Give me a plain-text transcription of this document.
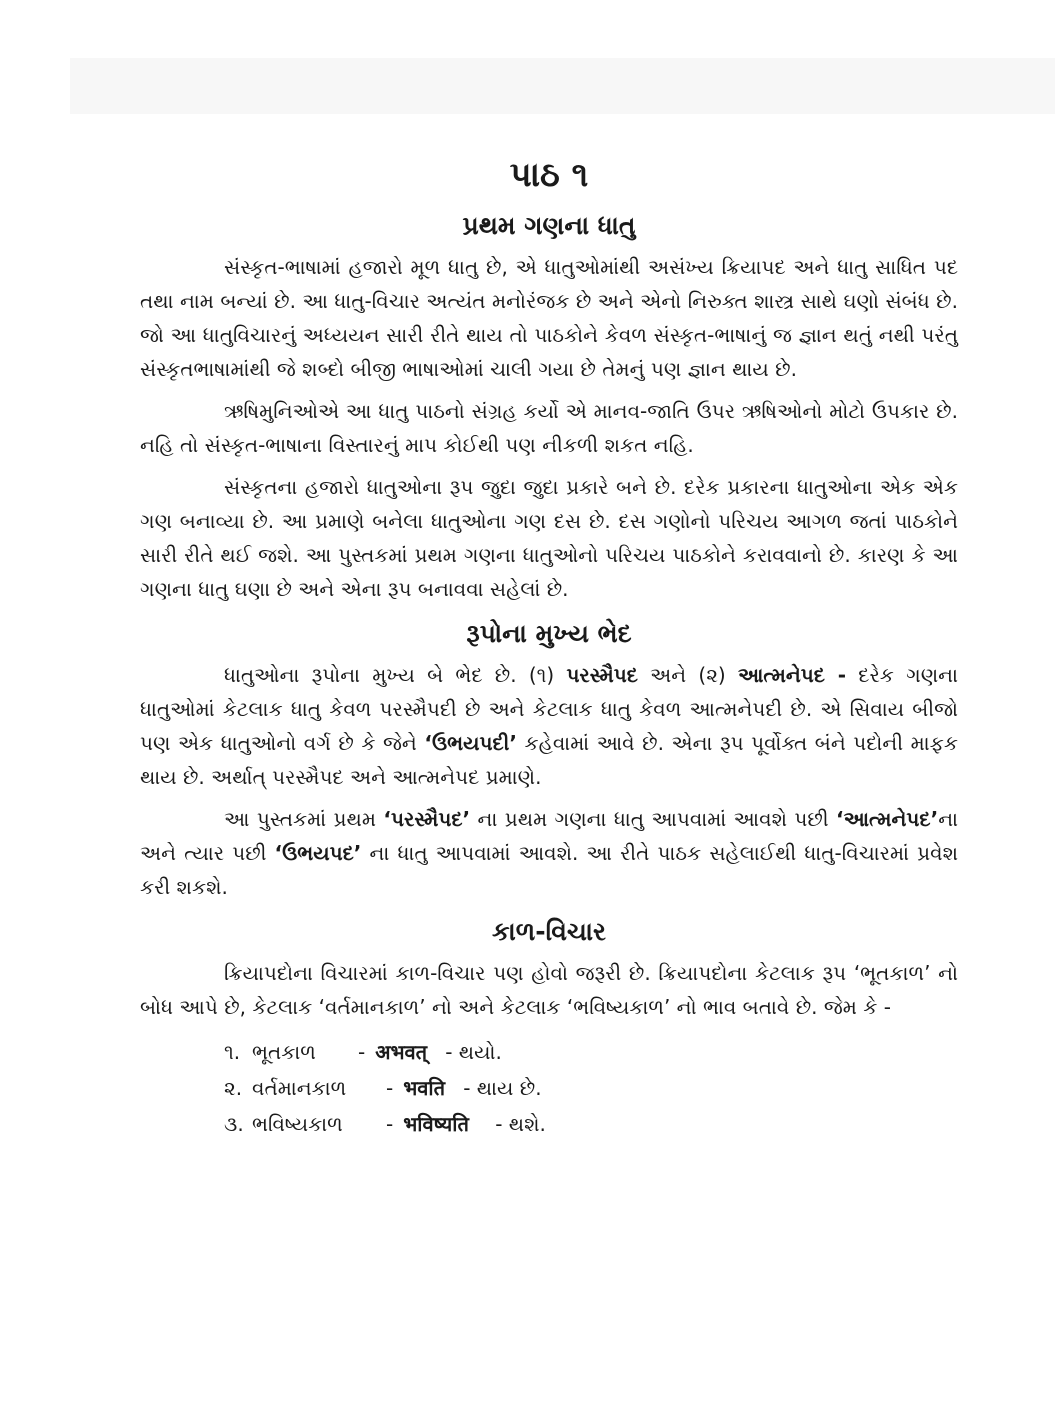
પાઠ ૧
પ્રથમ ગણના ધાતુ

સંસ્કૃત-ભાષામાં હજારો મૂળ ધાતુ છે, એ ધાતુઓમાંથી અસંખ્ય ક્રિયાપદ અને ધાતુ સાધિત પદ તથા નામ બન્યાં છે. આ ધાતુ-વિચાર અત્યંત મનોરંજક છે અને એનો નિરુક્ત શાસ્ત્ર સાથે ઘણો સંબંધ છે. જો આ ધાતુવિચારનું અધ્યયન સારી રીતે થાય તો પાઠકોને કેવળ સંસ્કૃત-ભાષાનું જ જ્ઞાન થતું નથી પરંતુ સંસ્કૃતભાષામાંથી જે શબ્દો બીજી ભાષાઓમાં ચાલી ગયા છે તેમનું પણ જ્ઞાન થાય છે.

ઋષિમુનિઓએ આ ધાતુ પાઠનો સંગ્રહ કર્યો એ માનવ-જાતિ ઉપર ઋષિઓનો મોટો ઉપકાર છે. નહિ તો સંસ્કૃત-ભાષાના વિસ્તારનું માપ કોઈથી પણ નીકળી શકત નહિ.

સંસ્કૃતના હજારો ધાતુઓના રૂપ જુદા જુદા પ્રકારે બને છે. દરેક પ્રકારના ધાતુઓના એક એક ગણ બનાવ્યા છે. આ પ્રમાણે બનેલા ધાતુઓના ગણ દસ છે. દસ ગણોનો પરિચય આગળ જતાં પાઠકોને સારી રીતે થઈ જશે. આ પુસ્તકમાં પ્રથમ ગણના ધાતુઓનો પરિચય પાઠકોને કરાવવાનો છે. કારણ કે આ ગણના ધાતુ ઘણા છે અને એના રૂપ બનાવવા સહેલાં છે.

રૂપોના મુખ્ય ભેદ

ધાતુઓના રૂપોના મુખ્ય બે ભેદ છે. (૧) પરસ્મૈપદ અને (૨) આત્મનેપદ - દરેક ગણના ધાતુઓમાં કેટલાક ધાતુ કેવળ પરસ્મૈપદી છે અને કેટલાક ધાતુ કેવળ આત્મનેપદી છે. એ સિવાય બીજો પણ એક ધાતુઓનો વર્ગ છે કે જેને ‘ઉભયપદી’ કહેવામાં આવે છે. એના રૂપ પૂર્વોક્ત બંને પદોની માફક થાય છે. અર્થાત્ પરસ્મૈપદ અને આત્મનેપદ પ્રમાણે.

આ પુસ્તકમાં પ્રથમ ‘પરસ્મૈપદ’ ના પ્રથમ ગણના ધાતુ આપવામાં આવશે પછી ‘આત્મનેપદ’ના અને ત્યાર પછી ‘ઉભયપદ’ ના ધાતુ આપવામાં આવશે. આ રીતે પાઠક સહેલાઈથી ધાતુ-વિચારમાં પ્રવેશ કરી શકશે.

કાળ-વિચાર

ક્રિયાપદોના વિચારમાં કાળ-વિચાર પણ હોવો જરૂરી છે. ક્રિયાપદોના કેટલાક રૂપ ‘ભૂતકાળ’ નો બોધ આપે છે, કેટલાક ‘વર્તમાનકાળ’ નો અને કેટલાક ‘ભવિષ્યકાળ’ નો ભાવ બતાવે છે. જેમ કે -

૧. ભૂતકાળ	- अभवत् - થયો.
૨. વર્તમાનકાળ	- भवति - થાય છે.
૩. ભવિષ્યકાળ	- भविष्यति	- થશે.
